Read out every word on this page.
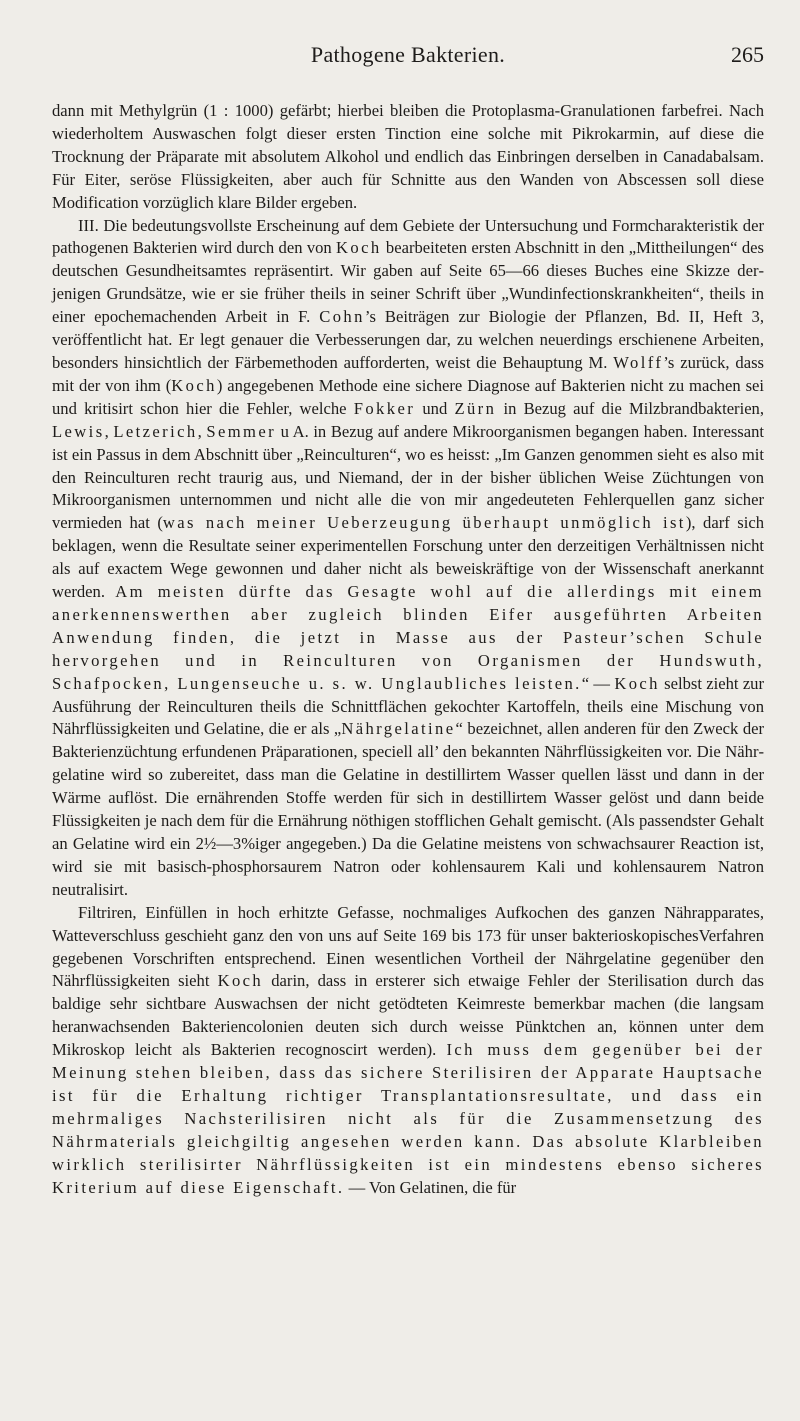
Pathogene Bakterien.	265

dann mit Methylgrün (1 : 1000) gefärbt; hierbei bleiben die Protoplasma-Granulationen farbefrei. Nach wiederholtem Auswaschen folgt dieser ersten Tinction eine solche mit Pikrokarmin, auf diese die Trocknung der Präparate mit absolutem Alkohol und endlich das Einbringen derselben in Canadabalsam. Für Eiter, seröse Flüssigkeiten, aber auch für Schnitte aus den Wanden von Abscessen soll diese Modification vorzüglich klare Bilder ergeben.

III. Die bedeutungsvollste Erscheinung auf dem Gebiete der Untersuchung und Formcharakteristik der pathogenen Bakterien wird durch den von Koch bearbeiteten ersten Abschnitt in den „Mittheilungen“ des deutschen Gesundheitsamtes repräsentirt. Wir gaben auf Seite 65—66 dieses Buches eine Skizze derjenigen Grundsätze, wie er sie früher theils in seiner Schrift über „Wundinfectionskrankheiten“, theils in einer epochemachenden Arbeit in F. Cohn’s Beiträgen zur Biologie der Pflanzen, Bd. II, Heft 3, veröffentlicht hat. Er legt genauer die Verbesserungen dar, zu welchen neuerdings erschienene Arbeiten, besonders hinsichtlich der Färbemethoden aufforderten, weist die Behauptung M. Wolff’s zurück, dass mit der von ihm (Koch) angegebenen Methode eine sichere Diagnose auf Bakterien nicht zu machen sei und kritisirt schon hier die Fehler, welche Fokker und Zürn in Bezug auf die Milzbrandbakterien, Lewis, Letzerich, Semmer u A. in Bezug auf andere Mikroorganismen begangen haben. Interessant ist ein Passus in dem Abschnitt über „Reinculturen“, wo es heisst: „Im Ganzen genommen sieht es also mit den Reinculturen recht traurig aus, und Niemand, der in der bisher üblichen Weise Züchtungen von Mikroorganismen unternommen und nicht alle die von mir angedeuteten Fehlerquellen ganz sicher vermieden hat (was nach meiner Ueberzeugung überhaupt unmöglich ist), darf sich beklagen, wenn die Resultate seiner experimentellen Forschung unter den derzeitigen Verhältnissen nicht als auf exactem Wege gewonnen und daher nicht als beweiskräftige von der Wissenschaft anerkannt werden. Am meisten dürfte das Gesagte wohl auf die allerdings mit einem anerkennenswerthen aber zugleich blinden Eifer ausgeführten Arbeiten Anwendung finden, die jetzt in Masse aus der Pasteur’schen Schule hervorgehen und in Reinculturen von Organismen der Hundswuth, Schafpocken, Lungenseuche u. s. w. Unglaubliches leisten.“ — Koch selbst zieht zur Ausführung der Reinculturen theils die Schnittflächen gekochter Kartoffeln, theils eine Mischung von Nährflüssigkeiten und Gelatine, die er als „Nährgelatine“ bezeichnet, allen anderen für den Zweck der Bakterienzüchtung erfundenen Präparationen, speciell all’ den bekannten Nährflüssigkeiten vor. Die Nährgelatine wird so zubereitet, dass man die Gelatine in destillirtem Wasser quellen lässt und dann in der Wärme auflöst. Die ernährenden Stoffe werden für sich in destillirtem Wasser gelöst und dann beide Flüssigkeiten je nach dem für die Ernährung nöthigen stofflichen Gehalt gemischt. (Als passendster Gehalt an Gelatine wird ein 2½—3%iger angegeben.) Da die Gelatine meistens von schwachsaurer Reaction ist, wird sie mit basisch-phosphorsaurem Natron oder kohlensaurem Kali und kohlensaurem Natron neutralisirt.

Filtriren, Einfüllen in hoch erhitzte Gefasse, nochmaliges Aufkochen des ganzen Nährapparates, Watteverschluss geschieht ganz den von uns auf Seite 169 bis 173 für unser bakterioskopischesVerfahren gegebenen Vorschriften entsprechend. Einen wesentlichen Vortheil der Nährgelatine gegenüber den Nährflüssigkeiten sieht Koch darin, dass in ersterer sich etwaige Fehler der Sterilisation durch das baldige sehr sichtbare Auswachsen der nicht getödteten Keimreste bemerkbar machen (die langsam heranwachsenden Bakteriencolonien deuten sich durch weisse Pünktchen an, können unter dem Mikroskop leicht als Bakterien recognoscirt werden). Ich muss dem gegenüber bei der Meinung stehen bleiben, dass das sichere Sterilisiren der Apparate Hauptsache ist für die Erhaltung richtiger Transplantationsresultate, und dass ein mehrmaliges Nachsterilisiren nicht als für die Zusammensetzung des Nährmaterials gleichgiltig angesehen werden kann. Das absolute Klarbleiben wirklich sterilisirter Nährflüssigkeiten ist ein mindestens ebenso sicheres Kriterium auf diese Eigenschaft. — Von Gelatinen, die für
